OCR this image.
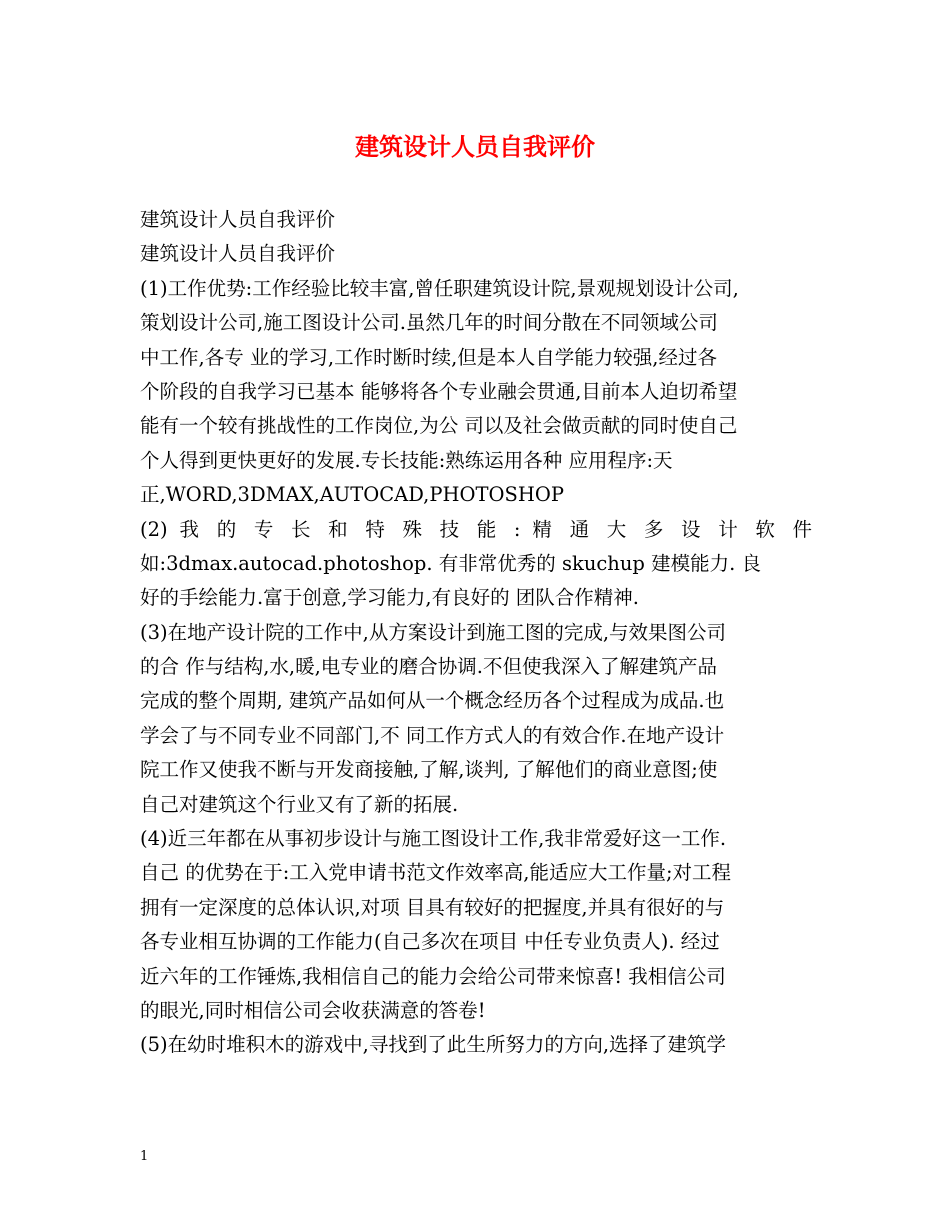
建筑设计人员自我评价
建筑设计人员自我评价
建筑设计人员自我评价
(1)工作优势:工作经验比较丰富,曾任职建筑设计院,景观规划设计公司,
策划设计公司,施工图设计公司.虽然几年的时间分散在不同领域公司
中工作,各专 业的学习,工作时断时续,但是本人自学能力较强,经过各
个阶段的自我学习已基本 能够将各个专业融会贯通,目前本人迫切希望
能有一个较有挑战性的工作岗位,为公 司以及社会做贡献的同时使自己
个人得到更快更好的发展.专长技能:熟练运用各种 应用程序:天
正,WORD,3DMAX,AUTOCAD,PHOTOSHOP
(2) 我 的 专 长 和 特 殊 技 能 : 精 通 大 多 设 计 软 件
如:3dmax.autocad.photoshop. 有非常优秀的 skuchup 建模能力. 良
好的手绘能力.富于创意,学习能力,有良好的 团队合作精神.
(3)在地产设计院的工作中,从方案设计到施工图的完成,与效果图公司
的合 作与结构,水,暖,电专业的磨合协调.不但使我深入了解建筑产品
完成的整个周期, 建筑产品如何从一个概念经历各个过程成为成品.也
学会了与不同专业不同部门,不 同工作方式人的有效合作.在地产设计
院工作又使我不断与开发商接触,了解,谈判, 了解他们的商业意图;使
自己对建筑这个行业又有了新的拓展.
(4)近三年都在从事初步设计与施工图设计工作,我非常爱好这一工作.
自己 的优势在于:工入党申请书范文作效率高,能适应大工作量;对工程
拥有一定深度的总体认识,对项 目具有较好的把握度,并具有很好的与
各专业相互协调的工作能力(自己多次在项目 中任专业负责人). 经过
近六年的工作锤炼,我相信自己的能力会给公司带来惊喜! 我相信公司
的眼光,同时相信公司会收获满意的答卷!
(5)在幼时堆积木的游戏中,寻找到了此生所努力的方向,选择了建筑学
1
